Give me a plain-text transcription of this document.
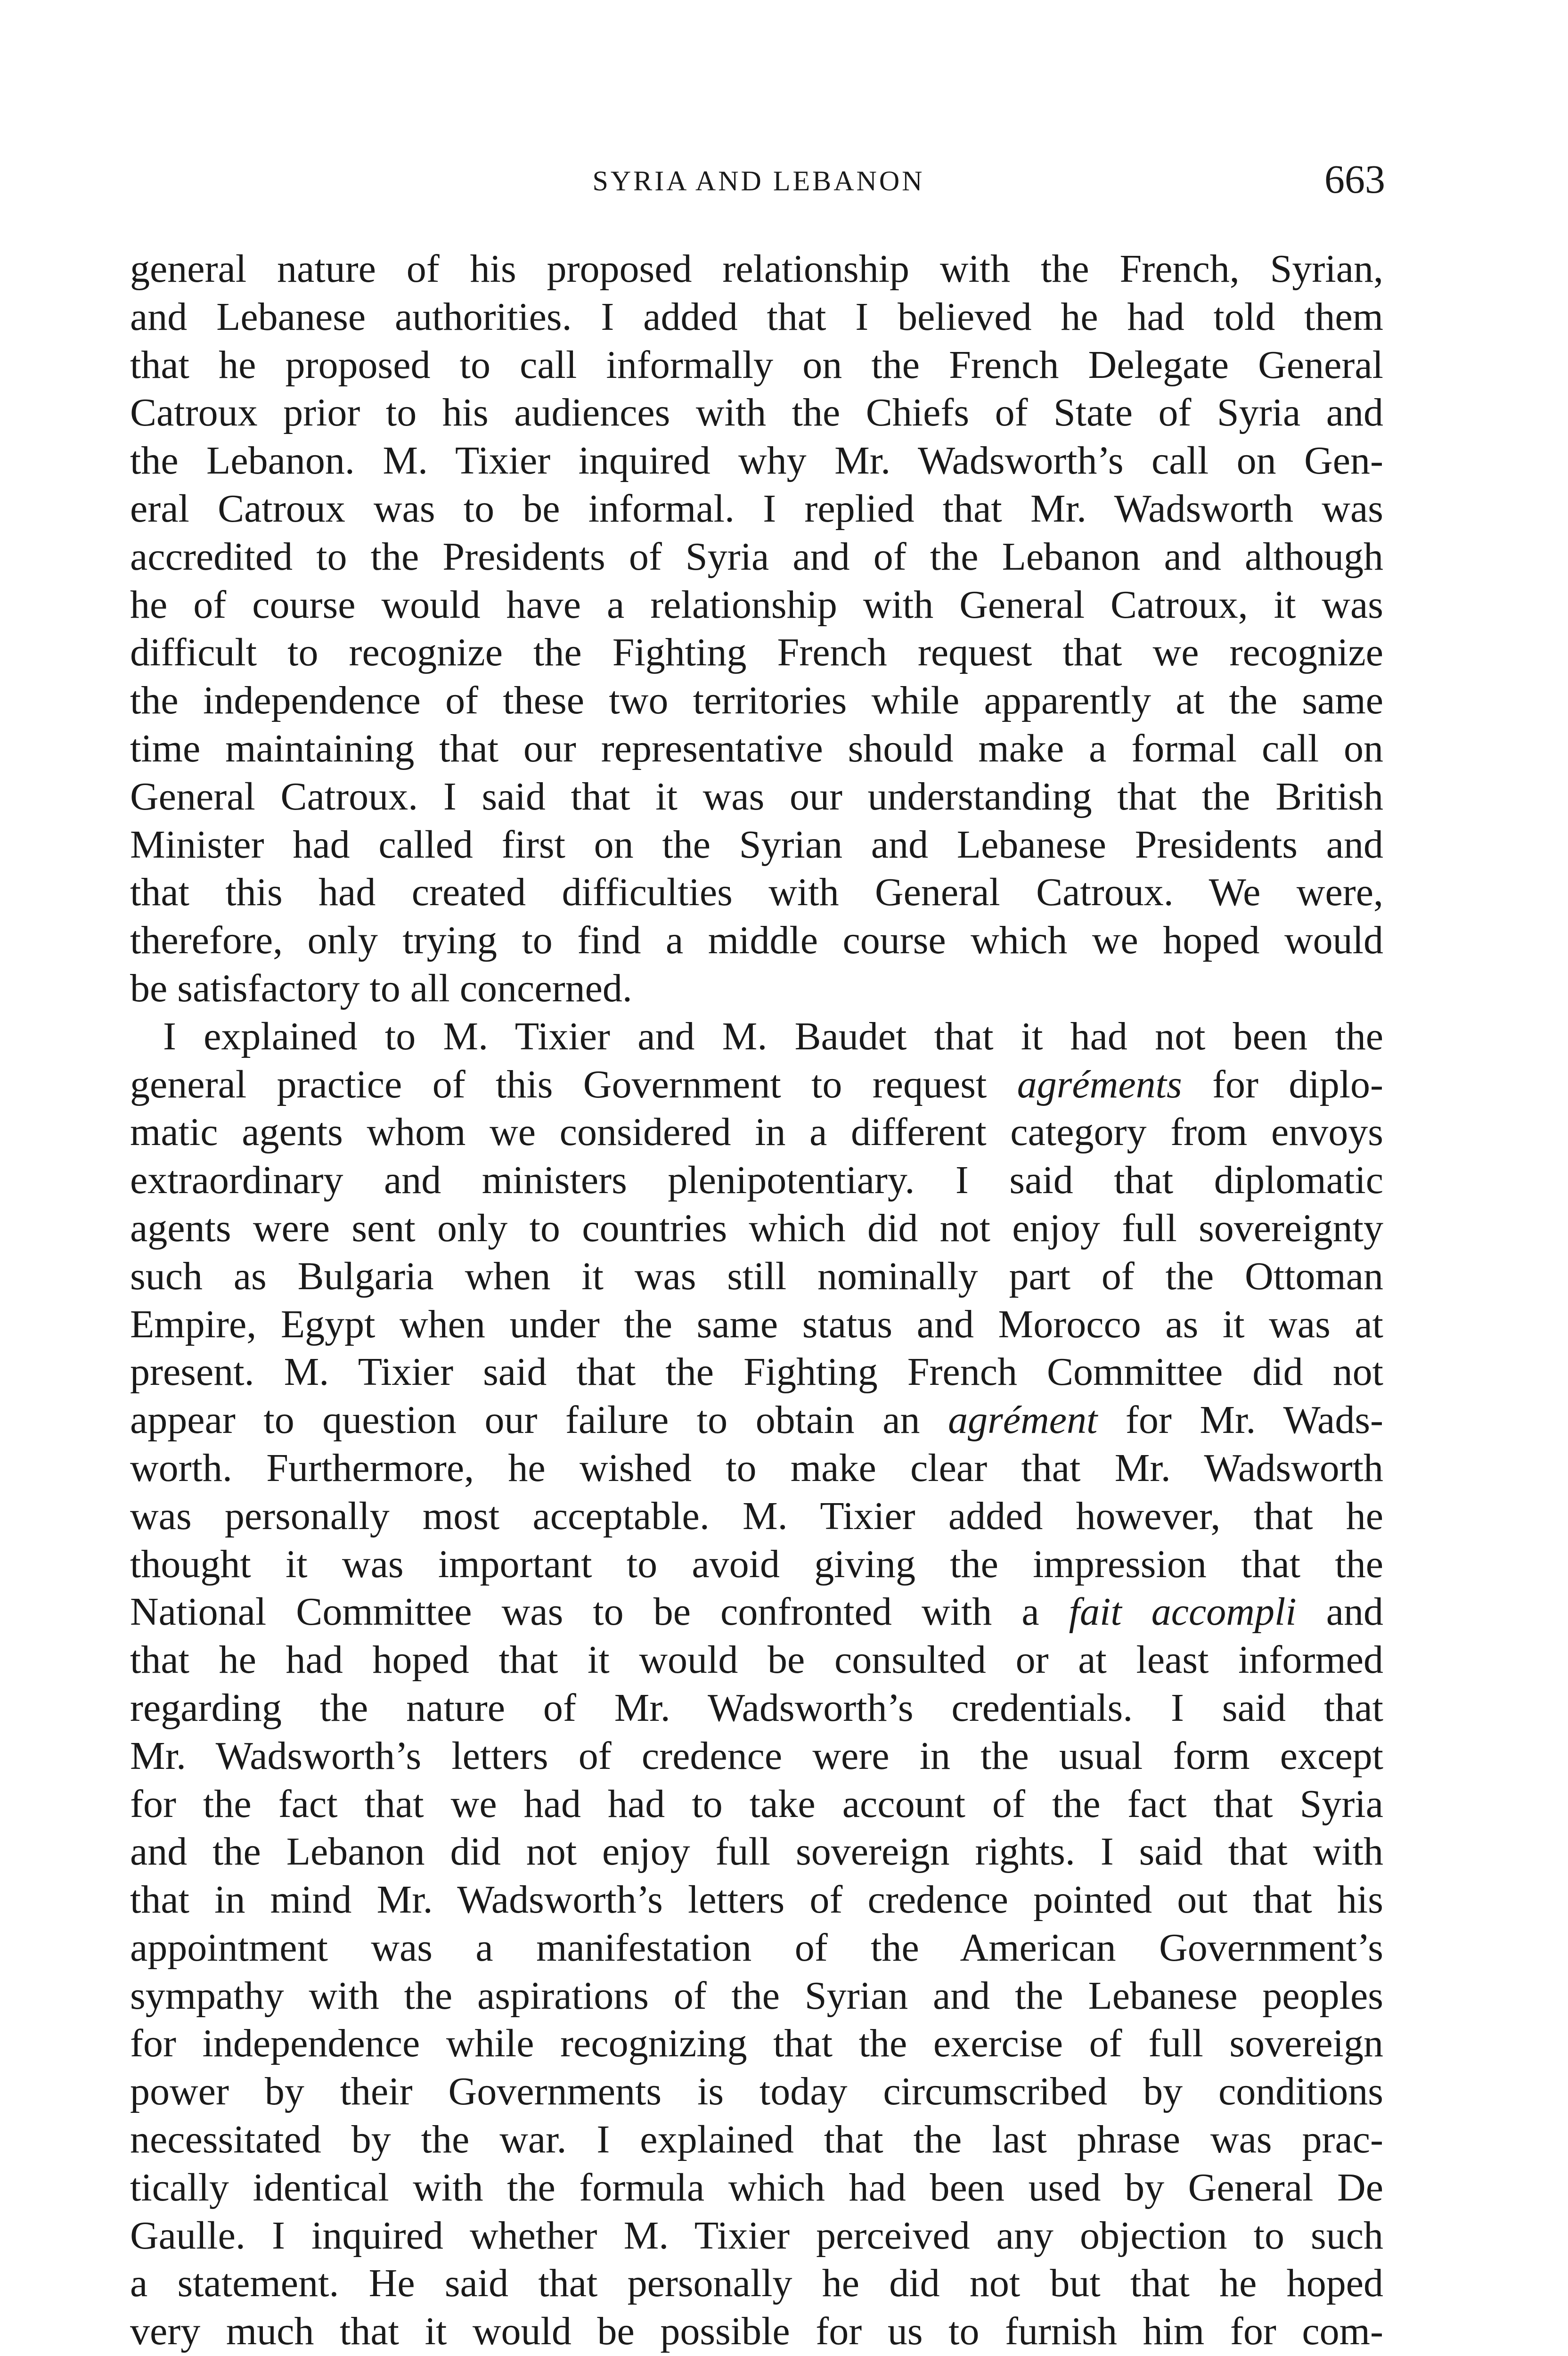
SYRIA AND LEBANON	663
general nature of his proposed relationship with the French, Syrian,
and Lebanese authorities. I added that I believed he had told them
that he proposed to call informally on the French Delegate General
Catroux prior to his audiences with the Chiefs of State of Syria and
the Lebanon. M. Tixier inquired why Mr. Wadsworth’s call on Gen-
eral Catroux was to be informal. I replied that Mr. Wadsworth was
accredited to the Presidents of Syria and of the Lebanon and although
he of course would have a relationship with General Catroux, it was
difficult to recognize the Fighting French request that we recognize
the independence of these two territories while apparently at the same
time maintaining that our representative should make a formal call on
General Catroux. I said that it was our understanding that the British
Minister had called first on the Syrian and Lebanese Presidents and
that this had created difficulties with General Catroux. We were,
therefore, only trying to find a middle course which we hoped would
be satisfactory to all concerned.
I explained to M. Tixier and M. Baudet that it had not been the
general practice of this Government to request agréments for diplo-
matic agents whom we considered in a different category from envoys
extraordinary and ministers plenipotentiary. I said that diplomatic
agents were sent only to countries which did not enjoy full sovereignty
such as Bulgaria when it was still nominally part of the Ottoman
Empire, Egypt when under the same status and Morocco as it was at
present. M. Tixier said that the Fighting French Committee did not
appear to question our failure to obtain an agrément for Mr. Wads-
worth. Furthermore, he wished to make clear that Mr. Wadsworth
was personally most acceptable. M. Tixier added however, that he
thought it was important to avoid giving the impression that the
National Committee was to be confronted with a fait accompli and
that he had hoped that it would be consulted or at least informed
regarding the nature of Mr. Wadsworth’s credentials. I said that
Mr. Wadsworth’s letters of credence were in the usual form except
for the fact that we had had to take account of the fact that Syria
and the Lebanon did not enjoy full sovereign rights. I said that with
that in mind Mr. Wadsworth’s letters of credence pointed out that his
appointment was a manifestation of the American Government’s
sympathy with the aspirations of the Syrian and the Lebanese peoples
for independence while recognizing that the exercise of full sovereign
power by their Governments is today circumscribed by conditions
necessitated by the war. I explained that the last phrase was prac-
tically identical with the formula which had been used by General De
Gaulle. I inquired whether M. Tixier perceived any objection to such
a statement. He said that personally he did not but that he hoped
very much that it would be possible for us to furnish him for com-
